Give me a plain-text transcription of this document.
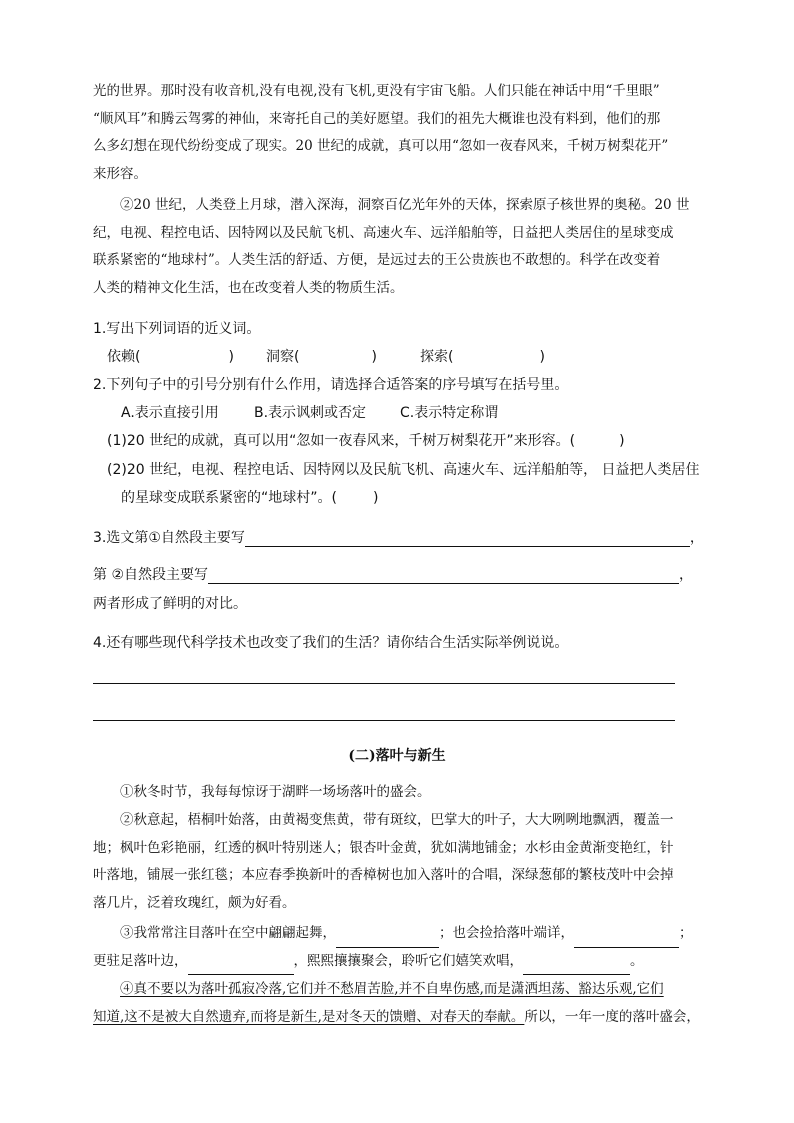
光的世界。那时没有收音机,没有电视,没有飞机,更没有宇宙飞船。人们只能在神话中用“千里眼”

“顺风耳”和腾云驾雾的神仙，来寄托自己的美好愿望。我们的祖先大概谁也没有料到，他们的那

么多幻想在现代纷纷变成了现实。20 世纪的成就，真可以用“忽如一夜春风来，千树万树梨花开”

来形容。

②20 世纪，人类登上月球，潜入深海，洞察百亿光年外的天体，探索原子核世界的奥秘。20 世

纪，电视、程控电话、因特网以及民航飞机、高速火车、远洋船舶等，日益把人类居住的星球变成

联系紧密的“地球村”。人类生活的舒适、方便，是远过去的王公贵族也不敢想的。科学在改变着

人类的精神文化生活，也在改变着人类的物质生活。

1.写出下列词语的近义词。

依赖(	) 洞察(	)	探索(	)

2.下列句子中的引号分别有什么作用，请选择合适答案的序号填写在括号里。

A.表示直接引用	B.表示讽刺或否定 C.表示特定称谓

(1)20 世纪的成就，真可以用“忽如一夜春风来，千树万树梨花开”来形容。(	)

(2)20 世纪，电视、程控电话、因特网以及民航飞机、高速火车、远洋船舶等， 日益把人类居住

的星球变成联系紧密的“地球村”。(	)

3.选文第①自然段主要写	，

第 ②自然段主要写	，

两者形成了鲜明的对比。

4.还有哪些现代科学技术也改变了我们的生活？请你结合生活实际举例说说。

(二)落叶与新生

①秋冬时节，我每每惊讶于湖畔一场场落叶的盛会。

②秋意起，梧桐叶始落，由黄褐变焦黄，带有斑纹，巴掌大的叶子，大大咧咧地飘洒，覆盖一

地；枫叶色彩艳丽，红透的枫叶特别迷人；银杏叶金黄，犹如满地铺金；水杉由金黄渐变艳红，针

叶落地，铺展一张红毯；本应春季换新叶的香樟树也加入落叶的合唱，深绿葱郁的繁枝茂叶中会掉

落几片，泛着玫瑰红，颇为好看。

③我常常注目落叶在空中翩翩起舞，	；也会捡拾落叶端详，	；

更驻足落叶边，	，熙熙攘攘聚会，聆听它们嬉笑欢唱，	。

④真不要以为落叶孤寂冷落,它们并不愁眉苦脸,并不自卑伤感,而是潇洒坦荡、豁达乐观,它们

知道,这不是被大自然遗弃,而将是新生,是对冬天的馈赠、对春天的奉献。所以，一年一度的落叶盛会，
